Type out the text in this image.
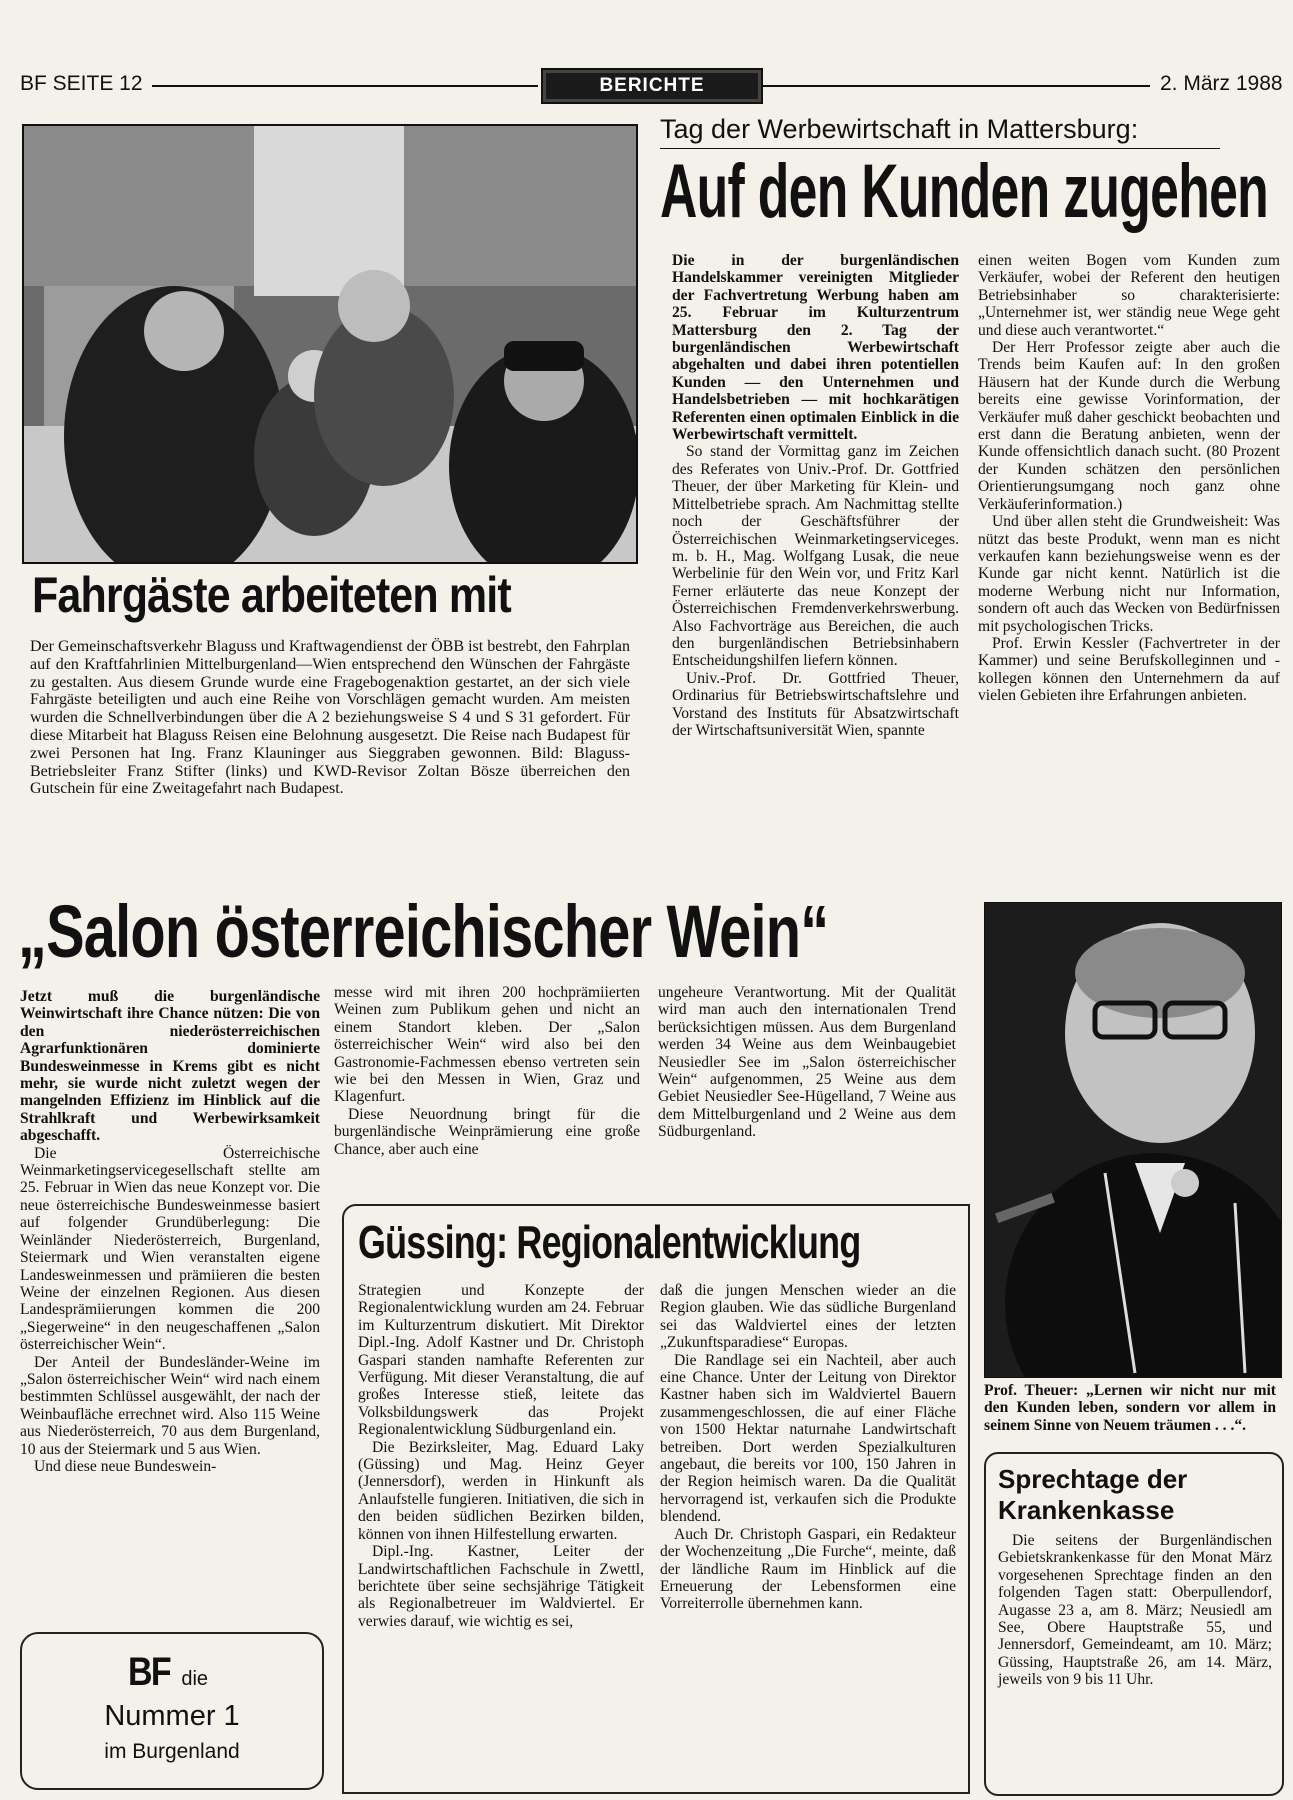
BF SEITE 12	BERICHTE	2. März 1988
Fahrgäste arbeiteten mit
Der Gemeinschaftsverkehr Blaguss und Kraftwagendienst der ÖBB ist bestrebt, den Fahrplan auf den Kraftfahrlinien Mittelburgenland—Wien entsprechend den Wünschen der Fahrgäste zu gestalten. Aus diesem Grunde wurde eine Fragebogenaktion gestartet, an der sich viele Fahrgäste beteiligten und auch eine Reihe von Vorschlägen gemacht wurden. Am meisten wurden die Schnellverbindungen über die A 2 beziehungsweise S 4 und S 31 gefordert. Für diese Mitarbeit hat Blaguss Reisen eine Belohnung ausgesetzt. Die Reise nach Budapest für zwei Personen hat Ing. Franz Klauninger aus Sieggraben gewonnen. Bild: Blaguss-Betriebsleiter Franz Stifter (links) und KWD-Revisor Zoltan Bösze überreichen den Gutschein für eine Zweitagefahrt nach Budapest.
Tag der Werbewirtschaft in Mattersburg:
Auf den Kunden zugehen

Die in der burgenländischen Handelskammer vereinigten Mitglieder der Fachvertretung Werbung haben am 25. Februar im Kulturzentrum Mattersburg den 2. Tag der burgenländischen Werbewirtschaft abgehalten und dabei ihren potentiellen Kunden — den Unternehmen und Handelsbetrieben — mit hochkarätigen Referenten einen optimalen Einblick in die Werbewirtschaft vermittelt.

So stand der Vormittag ganz im Zeichen des Referates von Univ.-Prof. Dr. Gottfried Theuer, der über Marketing für Klein- und Mittelbetriebe sprach. Am Nachmittag stellte noch der Geschäftsführer der Österreichischen Weinmarketingserviceges. m. b. H., Mag. Wolfgang Lusak, die neue Werbelinie für den Wein vor, und Fritz Karl Ferner erläuterte das neue Konzept der Österreichischen Fremdenverkehrswerbung. Also Fachvorträge aus Bereichen, die auch den burgenländischen Betriebsinhabern Entscheidungshilfen liefern können.

Univ.-Prof. Dr. Gottfried Theuer, Ordinarius für Betriebswirtschaftslehre und Vorstand des Instituts für Absatzwirtschaft der Wirtschaftsuniversität Wien, spannte

einen weiten Bogen vom Kunden zum Verkäufer, wobei der Referent den heutigen Betriebsinhaber so charakterisierte: „Unternehmer ist, wer ständig neue Wege geht und diese auch verantwortet.“

Der Herr Professor zeigte aber auch die Trends beim Kaufen auf: In den großen Häusern hat der Kunde durch die Werbung bereits eine gewisse Vorinformation, der Verkäufer muß daher geschickt beobachten und erst dann die Beratung anbieten, wenn der Kunde offensichtlich danach sucht. (80 Prozent der Kunden schätzen den persönlichen Orientierungsumgang noch ganz ohne Verkäuferinformation.)

Und über allen steht die Grundweisheit: Was nützt das beste Produkt, wenn man es nicht verkaufen kann beziehungsweise wenn es der Kunde gar nicht kennt. Natürlich ist die moderne Werbung nicht nur Information, sondern oft auch das Wecken von Bedürfnissen mit psychologischen Tricks.

Prof. Erwin Kessler (Fachvertreter in der Kammer) und seine Berufskolleginnen und -kollegen können den Unternehmern da auf vielen Gebieten ihre Erfahrungen anbieten.

„Salon österreichischer Wein“

Jetzt muß die burgenländische Weinwirtschaft ihre Chance nützen: Die von den niederösterreichischen Agrarfunktionären dominierte Bundesweinmesse in Krems gibt es nicht mehr, sie wurde nicht zuletzt wegen der mangelnden Effizienz im Hinblick auf die Strahlkraft und Werbewirksamkeit abgeschafft.

Die Österreichische Weinmarketingservicegesellschaft stellte am 25. Februar in Wien das neue Konzept vor. Die neue österreichische Bundesweinmesse basiert auf folgender Grundüberlegung: Die Weinländer Niederösterreich, Burgenland, Steiermark und Wien veranstalten eigene Landesweinmessen und prämiieren die besten Weine der einzelnen Regionen. Aus diesen Landesprämiierungen kommen die 200 „Siegerweine“ in den neugeschaffenen „Salon österreichischer Wein“.

Der Anteil der Bundesländer-Weine im „Salon österreichischer Wein“ wird nach einem bestimmten Schlüssel ausgewählt, der nach der Weinbaufläche errechnet wird. Also 115 Weine aus Niederösterreich, 70 aus dem Burgenland, 10 aus der Steiermark und 5 aus Wien.

Und diese neue Bundeswein-

messe wird mit ihren 200 hochprämiierten Weinen zum Publikum gehen und nicht an einem Standort kleben. Der „Salon österreichischer Wein“ wird also bei den Gastronomie-Fachmessen ebenso vertreten sein wie bei den Messen in Wien, Graz und Klagenfurt.

Diese Neuordnung bringt für die burgenländische Weinprämierung eine große Chance, aber auch eine

ungeheure Verantwortung. Mit der Qualität wird man auch den internationalen Trend berücksichtigen müssen. Aus dem Burgenland werden 34 Weine aus dem Weinbaugebiet Neusiedler See im „Salon österreichischer Wein“ aufgenommen, 25 Weine aus dem Gebiet Neusiedler See-Hügelland, 7 Weine aus dem Mittelburgenland und 2 Weine aus dem Südburgenland.

Prof. Theuer: „Lernen wir nicht nur mit den Kunden leben, sondern vor allem in seinem Sinne von Neuem träumen . . .“.
Güssing: Regionalentwicklung

Strategien und Konzepte der Regionalentwicklung wurden am 24. Februar im Kulturzentrum diskutiert. Mit Direktor Dipl.-Ing. Adolf Kastner und Dr. Christoph Gaspari standen namhafte Referenten zur Verfügung. Mit dieser Veranstaltung, die auf großes Interesse stieß, leitete das Volksbildungswerk das Projekt Regionalentwicklung Südburgenland ein.

Die Bezirksleiter, Mag. Eduard Laky (Güssing) und Mag. Heinz Geyer (Jennersdorf), werden in Hinkunft als Anlaufstelle fungieren. Initiativen, die sich in den beiden südlichen Bezirken bilden, können von ihnen Hilfestellung erwarten.

Dipl.-Ing. Kastner, Leiter der Landwirtschaftlichen Fachschule in Zwettl, berichtete über seine sechsjährige Tätigkeit als Regionalbetreuer im Waldviertel. Er verwies darauf, wie wichtig es sei,

daß die jungen Menschen wieder an die Region glauben. Wie das südliche Burgenland sei das Waldviertel eines der letzten „Zukunftsparadiese“ Europas.

Die Randlage sei ein Nachteil, aber auch eine Chance. Unter der Leitung von Direktor Kastner haben sich im Waldviertel Bauern zusammengeschlossen, die auf einer Fläche von 1500 Hektar naturnahe Landwirtschaft betreiben. Dort werden Spezialkulturen angebaut, die bereits vor 100, 150 Jahren in der Region heimisch waren. Da die Qualität hervorragend ist, verkaufen sich die Produkte blendend.

Auch Dr. Christoph Gaspari, ein Redakteur der Wochenzeitung „Die Furche“, meinte, daß der ländliche Raum im Hinblick auf die Erneuerung der Lebensformen eine Vorreiterrolle übernehmen kann.

Sprechtage der
Krankenkasse

Die seitens der Burgenländischen Gebietskrankenkasse für den Monat März vorgesehenen Sprechtage finden an den folgenden Tagen statt: Oberpullendorf, Augasse 23 a, am 8. März; Neusiedl am See, Obere Hauptstraße 55, und Jennersdorf, Gemeindeamt, am 10. März; Güssing, Hauptstraße 26, am 14. März, jeweils von 9 bis 11 Uhr.

BF die
Nummer 1
im Burgenland
